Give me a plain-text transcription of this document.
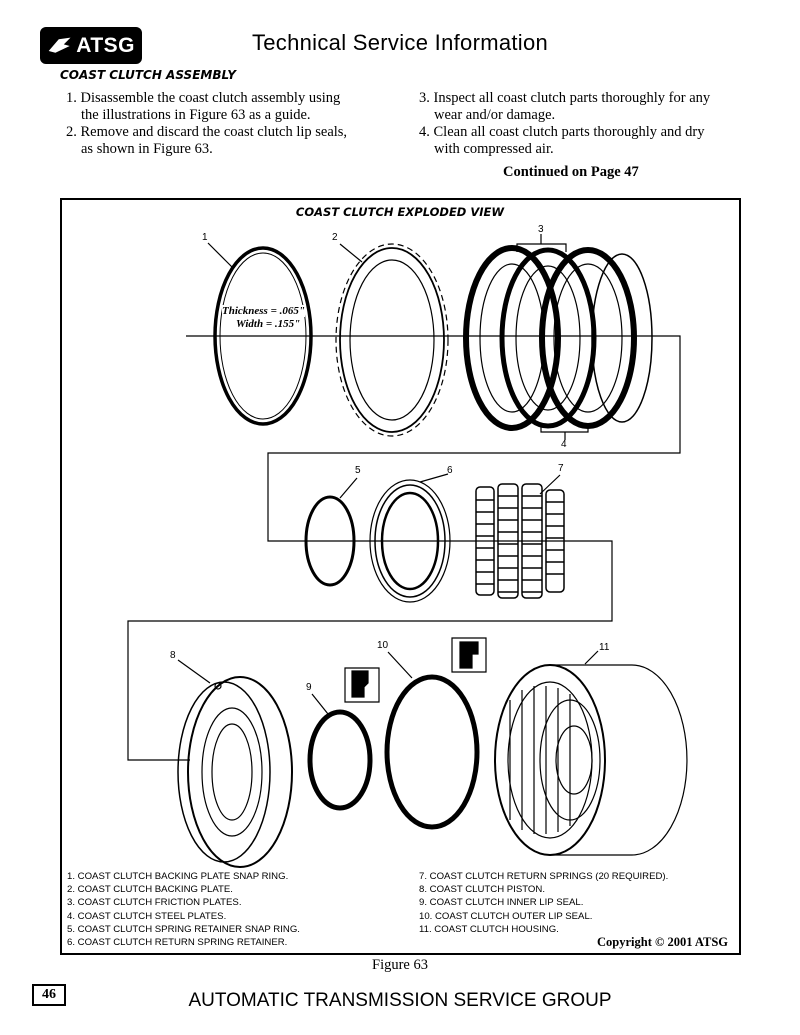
ATSG	Technical Service Information
COAST CLUTCH ASSEMBLY
1. Disassemble the coast clutch assembly using
the illustrations in Figure 63 as a guide.
2. Remove and discard the coast clutch lip seals,
as shown in Figure 63.
3. Inspect all coast clutch parts thoroughly for any
wear and/or damage.
4. Clean all coast clutch parts thoroughly and dry
with compressed air.
Continued on Page 47
COAST CLUTCH EXPLODED VIEW
Thickness = .065"
Width = .155"
1	2
3
4
5	6	7
8
9
10	11
1. COAST CLUTCH BACKING PLATE SNAP RING.
2. COAST CLUTCH BACKING PLATE.
3. COAST CLUTCH FRICTION PLATES.
4. COAST CLUTCH STEEL PLATES.
5. COAST CLUTCH SPRING RETAINER SNAP RING.
6. COAST CLUTCH RETURN SPRING RETAINER.
7. COAST CLUTCH RETURN SPRINGS (20 REQUIRED).
8. COAST CLUTCH PISTON.
9. COAST CLUTCH INNER LIP SEAL.
10. COAST CLUTCH OUTER LIP SEAL.
11. COAST CLUTCH HOUSING.
Copyright © 2001 ATSG
Figure 63
46	AUTOMATIC TRANSMISSION SERVICE GROUP
